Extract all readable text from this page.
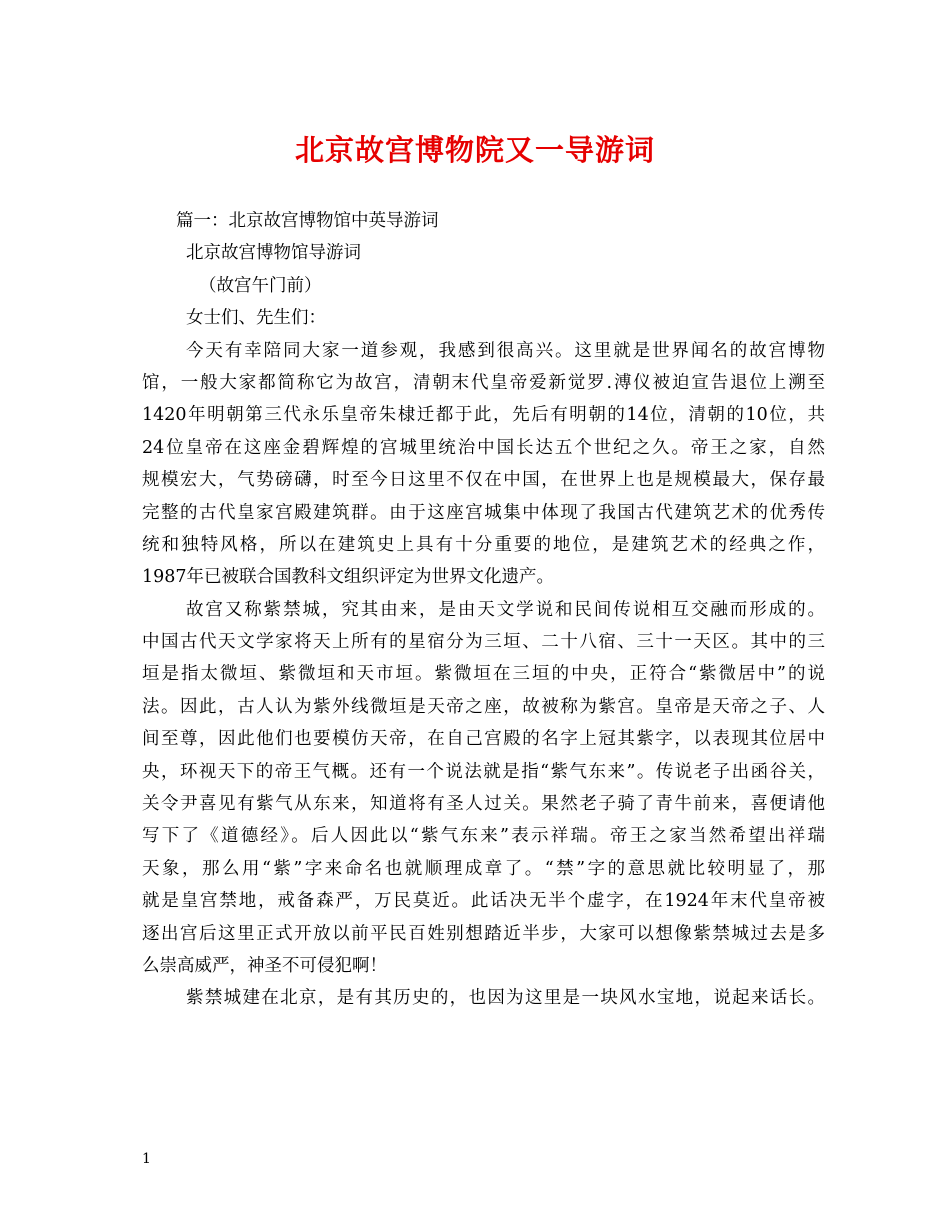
北京故宫博物院又一导游词
篇一：北京故宫博物馆中英导游词
北京故宫博物馆导游词
（故宫午门前）
女士们、先生们：
今天有幸陪同大家一道参观，我感到很高兴。这里就是世界闻名的故宫博物
馆，一般大家都简称它为故宫，清朝末代皇帝爱新觉罗.溥仪被迫宣告退位上溯至
1420年明朝第三代永乐皇帝朱棣迁都于此，先后有明朝的14位，清朝的10位，共
24位皇帝在这座金碧辉煌的宫城里统治中国长达五个世纪之久。帝王之家，自然
规模宏大，气势磅礴，时至今日这里不仅在中国，在世界上也是规模最大，保存最
完整的古代皇家宫殿建筑群。由于这座宫城集中体现了我国古代建筑艺术的优秀传
统和独特风格，所以在建筑史上具有十分重要的地位，是建筑艺术的经典之作，
1987年已被联合国教科文组织评定为世界文化遗产。
故宫又称紫禁城，究其由来，是由天文学说和民间传说相互交融而形成的。
中国古代天文学家将天上所有的星宿分为三垣、二十八宿、三十一天区。其中的三
垣是指太微垣、紫微垣和天市垣。紫微垣在三垣的中央，正符合“紫微居中”的说
法。因此，古人认为紫外线微垣是天帝之座，故被称为紫宫。皇帝是天帝之子、人
间至尊，因此他们也要模仿天帝，在自己宫殿的名字上冠其紫字，以表现其位居中
央，环视天下的帝王气概。还有一个说法就是指“紫气东来”。传说老子出函谷关，
关令尹喜见有紫气从东来，知道将有圣人过关。果然老子骑了青牛前来，喜便请他
写下了《道德经》。后人因此以“紫气东来”表示祥瑞。帝王之家当然希望出祥瑞
天象，那么用“紫”字来命名也就顺理成章了。“禁”字的意思就比较明显了，那
就是皇宫禁地，戒备森严，万民莫近。此话决无半个虚字，在1924年末代皇帝被
逐出宫后这里正式开放以前平民百姓别想踏近半步，大家可以想像紫禁城过去是多
么崇高威严，神圣不可侵犯啊！
紫禁城建在北京，是有其历史的，也因为这里是一块风水宝地，说起来话长。
1
